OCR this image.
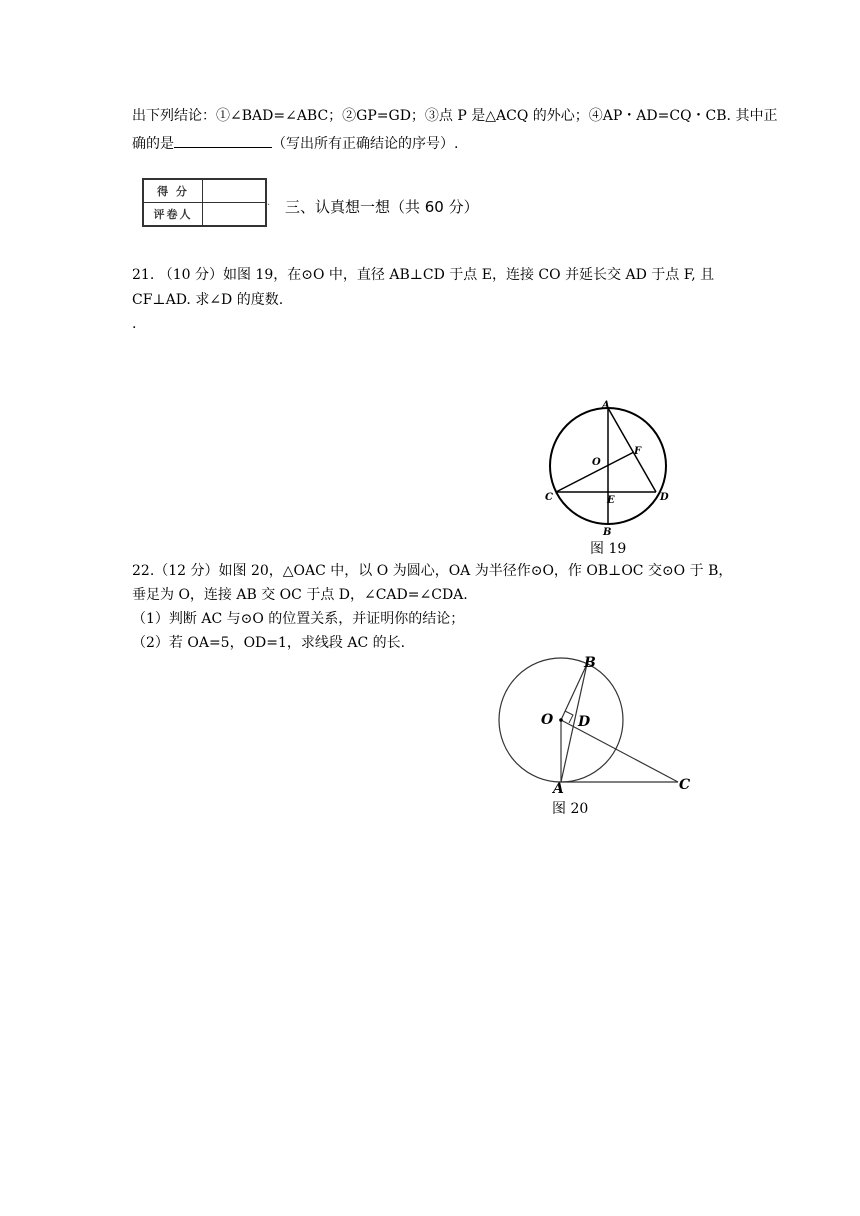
出下列结论：①∠BAD=∠ABC；②GP=GD；③点 P 是△ACQ 的外心；④AP・AD=CQ・CB. 其中正
确的是	（写出所有正确结论的序号）.
得 分	
评卷人	
· 三、认真想一想（共 60 分）
21. （10 分）如图 19，在⊙O 中，直径 AB⊥CD 于点 E，连接 CO 并延长交 AD 于点 F, 且
CF⊥AD. 求∠D 的度数.
.
A
O
F
C	E	D
B
图 19
22.（12 分）如图 20，△OAC 中，以 O 为圆心，OA 为半径作⊙O，作 OB⊥OC 交⊙O 于 B，
垂足为 O，连接 AB 交 OC 于点 D，∠CAD=∠CDA.
（1）判断 AC 与⊙O 的位置关系，并证明你的结论；
（2）若 OA=5，OD=1，求线段 AC 的长.
B
O D
A	C
图 20
